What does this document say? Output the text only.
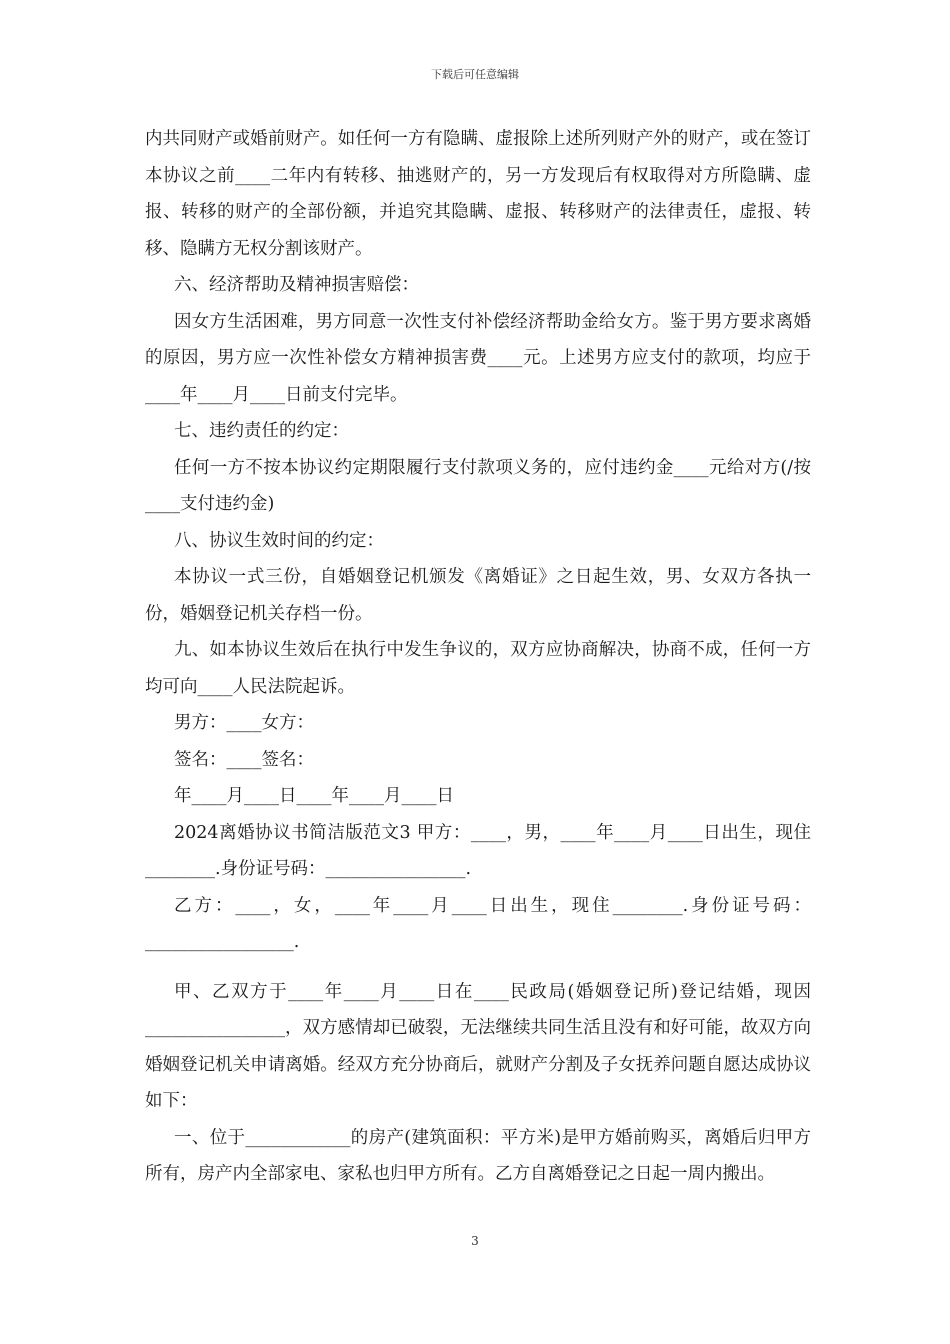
下载后可任意编辑

内共同财产或婚前财产。如任何一方有隐瞒、虚报除上述所列财产外的财产，或在签订本协议之前____二年内有转移、抽逃财产的，另一方发现后有权取得对方所隐瞒、虚报、转移的财产的全部份额，并追究其隐瞒、虚报、转移财产的法律责任，虚报、转移、隐瞒方无权分割该财产。

六、经济帮助及精神损害赔偿：

因女方生活困难，男方同意一次性支付补偿经济帮助金给女方。鉴于男方要求离婚的原因，男方应一次性补偿女方精神损害费____元。上述男方应支付的款项，均应于____年____月____日前支付完毕。

七、违约责任的约定：

任何一方不按本协议约定期限履行支付款项义务的，应付违约金____元给对方(/按____支付违约金)

八、协议生效时间的约定：

本协议一式三份，自婚姻登记机颁发《离婚证》之日起生效，男、女双方各执一份，婚姻登记机关存档一份。

九、如本协议生效后在执行中发生争议的，双方应协商解决，协商不成，任何一方均可向____人民法院起诉。

男方：____女方：

签名：____签名：

年____月____日____年____月____日

2024离婚协议书简洁版范文3 甲方：____，男，____年____月____日出生，现住________.身份证号码：________________.

乙方：____，女，____年____月____日出生，现住________.身份证号码：_________________.

甲、乙双方于____年____月____日在____民政局(婚姻登记所)登记结婚，现因________________，双方感情却已破裂，无法继续共同生活且没有和好可能，故双方向婚姻登记机关申请离婚。经双方充分协商后，就财产分割及子女抚养问题自愿达成协议如下：

一、位于____________的房产(建筑面积：平方米)是甲方婚前购买，离婚后归甲方所有，房产内全部家电、家私也归甲方所有。乙方自离婚登记之日起一周内搬出。

3
